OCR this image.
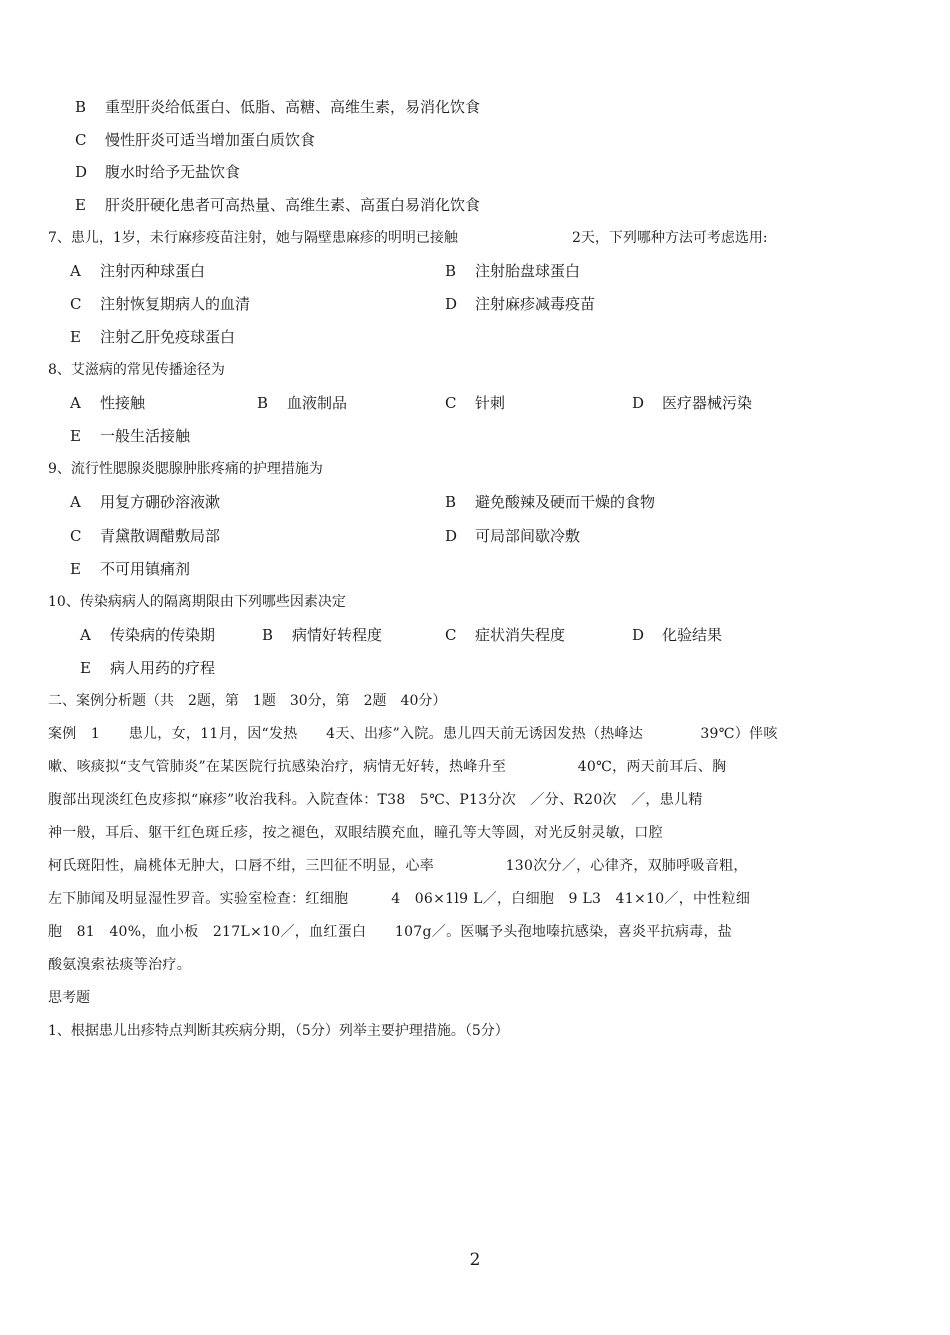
B 重型肝炎给低蛋白、低脂、高糖、高维生素，易消化饮食
C 慢性肝炎可适当增加蛋白质饮食
D 腹水时给予无盐饮食
E 肝炎肝硬化患者可高热量、高维生素、高蛋白易消化饮食
7、患儿，1岁，未行麻疹疫苗注射，她与隔壁患麻疹的明明已接触	2天，下列哪种方法可考虑选用:
A 注射丙种球蛋白	B 注射胎盘球蛋白
C 注射恢复期病人的血清	D 注射麻疹减毒疫苗
E 注射乙肝免疫球蛋白
8、艾滋病的常见传播途径为
A 性接触	B 血液制品	C 针刺	D 医疗器械污染
E 一般生活接触
9、流行性腮腺炎腮腺肿胀疼痛的护理措施为
A 用复方硼砂溶液漱	B 避免酸辣及硬而干燥的食物
C 青黛散调醋敷局部	D 可局部间歇冷敷
E 不可用镇痛剂
10、传染病病人的隔离期限由下列哪些因素决定
A 传染病的传染期	B 病情好转程度	C 症状消失程度	D 化验结果
E 病人用药的疗程
二、案例分析题（共　2题，第　1题　30分，第　2题　40分）
案例　1　　患儿，女，11月，因“发热　　4天、出疹”入院。患儿四天前无诱因发热（热峰达　　　　39℃）伴咳
嗽、咳痰拟“支气管肺炎”在某医院行抗感染治疗，病情无好转，热峰升至　　　　　40℃，两天前耳后、胸
腹部出现淡红色皮疹拟“麻疹”收治我科。入院查体：T38　5℃、P13分次　／分、R20次　／，患儿精
神一般，耳后、躯干红色斑丘疹，按之褪色，双眼结膜充血，瞳孔等大等圆，对光反射灵敏，口腔
柯氏斑阳性，扁桃体无肿大，口唇不绀，三凹征不明显，心率　　　　　130次分／，心律齐，双肺呼吸音粗，
左下肺闻及明显湿性罗音。实验室检查：红细胞　　　4　06×1l9 L／，白细胞　9 L3　41×10／，中性粒细
胞　81　40%，血小板　217L×10／，血红蛋白　　107g／。医嘱予头孢地嗪抗感染，喜炎平抗病毒，盐
酸氨溴索祛痰等治疗。
思考题
1、根据患儿出疹特点判断其疾病分期，（5分）列举主要护理措施。（5分）
2
